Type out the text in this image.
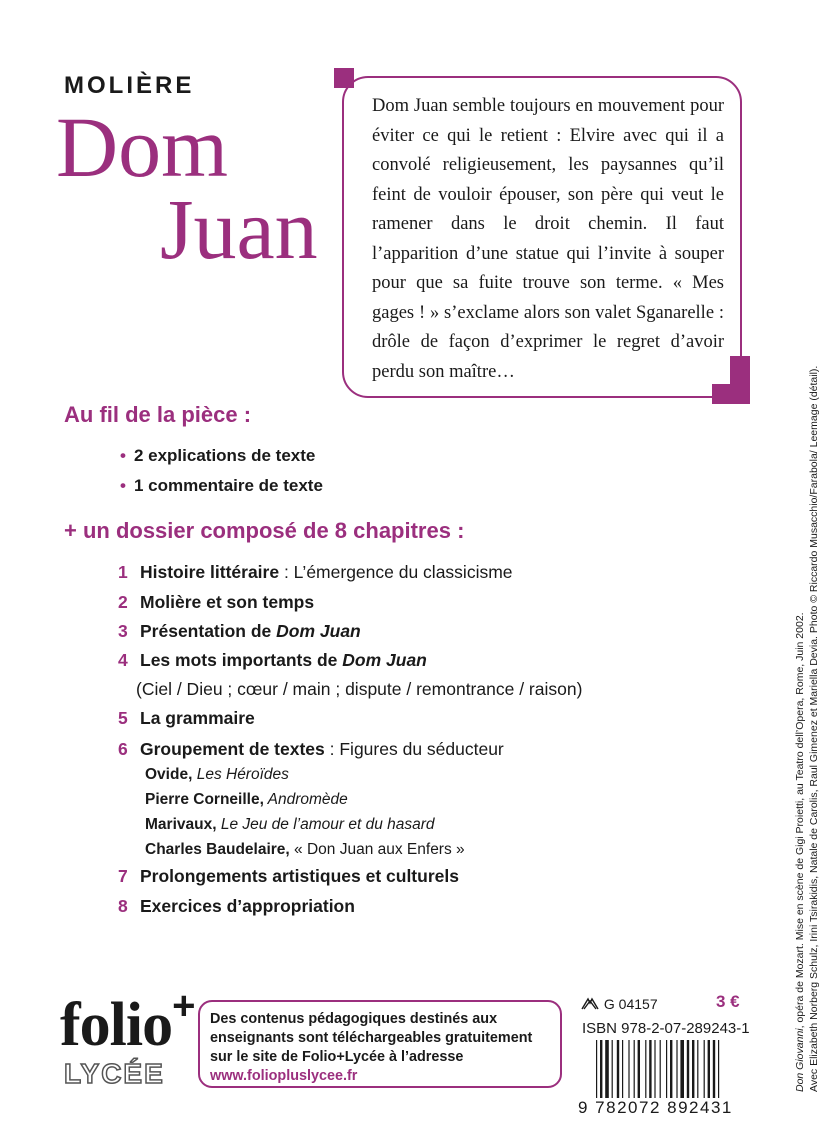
MOLIÈRE
Dom
Juan
Dom Juan semble toujours en mouvement pour éviter ce qui le retient : Elvire avec qui il a convolé religieusement, les paysannes qu’il feint de vouloir épouser, son père qui veut le ramener dans le droit chemin. Il faut l’apparition d’une statue qui l’invite à souper pour que sa fuite trouve son terme. « Mes gages ! » s’exclame alors son valet Sganarelle : drôle de façon d’exprimer le regret d’avoir perdu son maître…
Au fil de la pièce :
• 2 explications de texte
• 1 commentaire de texte
+ un dossier composé de 8 chapitres :
1 Histoire littéraire : L’émergence du classicisme
2 Molière et son temps
3 Présentation de Dom Juan
4 Les mots importants de Dom Juan
(Ciel / Dieu ; cœur / main ; dispute / remontrance / raison)
5 La grammaire
6 Groupement de textes : Figures du séducteur
Ovide, Les Héroïdes
Pierre Corneille, Andromède
Marivaux, Le Jeu de l’amour et du hasard
Charles Baudelaire, « Don Juan aux Enfers »
7 Prolongements artistiques et culturels
8 Exercices d’appropriation
folio+
LYCÉE
Des contenus pédagogiques destinés aux enseignants sont téléchargeables gratuitement sur le site de Folio+Lycée à l’adresse
www.foliopluslycee.fr
G 04157	3 €
ISBN 978-2-07-289243-1
9 782072 892431
Don Giovanni, opéra de Mozart. Mise en scène de Gigi Proietti, au Teatro dell’Opera, Rome, Juin 2002. Avec Elizabeth Norberg Schulz, Irini Tsirakidis, Natale de Carolis, Raul Gimenez et Mariella Devia. Photo © Riccardo Musacchio/Farabola/ Leemage (détail).
